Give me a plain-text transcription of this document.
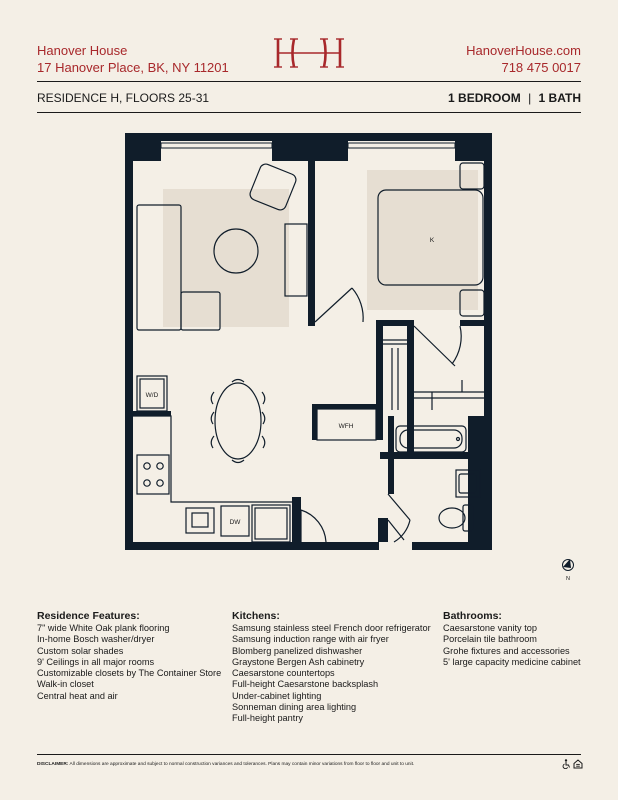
Hanover House
17 Hanover Place, BK, NY 11201
HanoverHouse.com
718 475 0017
RESIDENCE H, FLOORS 25-31	1 BEDROOM | 1 BATH
K
W/D
DW
WFH
N
Residence Features:
7" wide White Oak plank flooring
In-home Bosch washer/dryer
Custom solar shades
9' Ceilings in all major rooms
Customizable closets by The Container Store
Walk-in closet
Central heat and air
Kitchens:
Samsung stainless steel French door refrigerator
Samsung induction range with air fryer
Blomberg panelized dishwasher
Graystone Bergen Ash cabinetry
Caesarstone countertops
Full-height Caesarstone backsplash
Under-cabinet lighting
Sonneman dining area lighting
Full-height pantry
Bathrooms:
Caesarstone vanity top
Porcelain tile bathroom
Grohe fixtures and accessories
5' large capacity medicine cabinet
DISCLAIMER: All dimensions are approximate and subject to normal construction variances and tolerances. Plans may contain minor variations from floor to floor and unit to unit.
